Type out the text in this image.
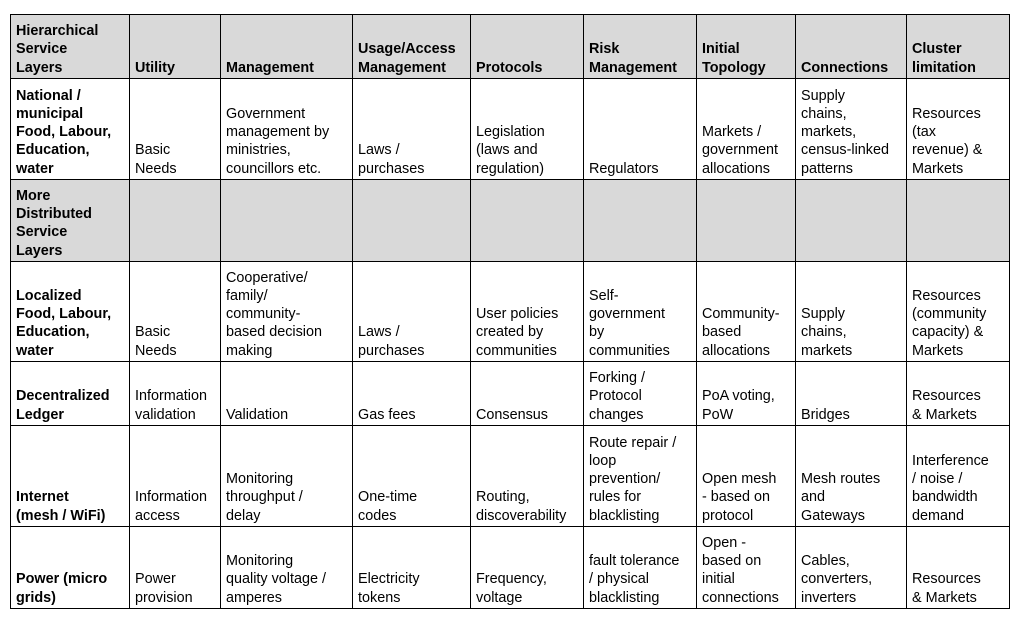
Hierarchical
Service
Layers	Utility	Management	Usage/Access
Management	Protocols	Risk
Management	Initial
Topology	Connections	Cluster
limitation

National /
municipal
Food, Labour,
Education,
water	Basic
Needs	Government
management by
ministries,
councillors etc.	Laws /
purchases	Legislation
(laws and
regulation)	Regulators	Markets /
government
allocations	Supply
chains,
markets,
census-linked
patterns	Resources
(tax
revenue) &
Markets

More
Distributed
Service
Layers								

Localized
Food, Labour,
Education,
water	Basic
Needs	Cooperative/
family/
community-
based decision
making	Laws /
purchases	User policies
created by
communities	Self-
government
by
communities	Community-
based
allocations	Supply
chains,
markets	Resources
(community
capacity) &
Markets

Decentralized
Ledger	Information
validation	Validation	Gas fees	Consensus	Forking /
Protocol
changes	PoA voting,
PoW	Bridges	Resources
& Markets

Internet
(mesh / WiFi)	Information
access	Monitoring
throughput /
delay	One-time
codes	Routing,
discoverability	Route repair /
loop
prevention/
rules for
blacklisting	Open mesh
- based on
protocol	Mesh routes
and
Gateways	Interference
/ noise /
bandwidth
demand

Power (micro
grids)	Power
provision	Monitoring
quality voltage /
amperes	Electricity
tokens	Frequency,
voltage	fault tolerance
/ physical
blacklisting	Open -
based on
initial
connections	Cables,
converters,
inverters	Resources
& Markets
